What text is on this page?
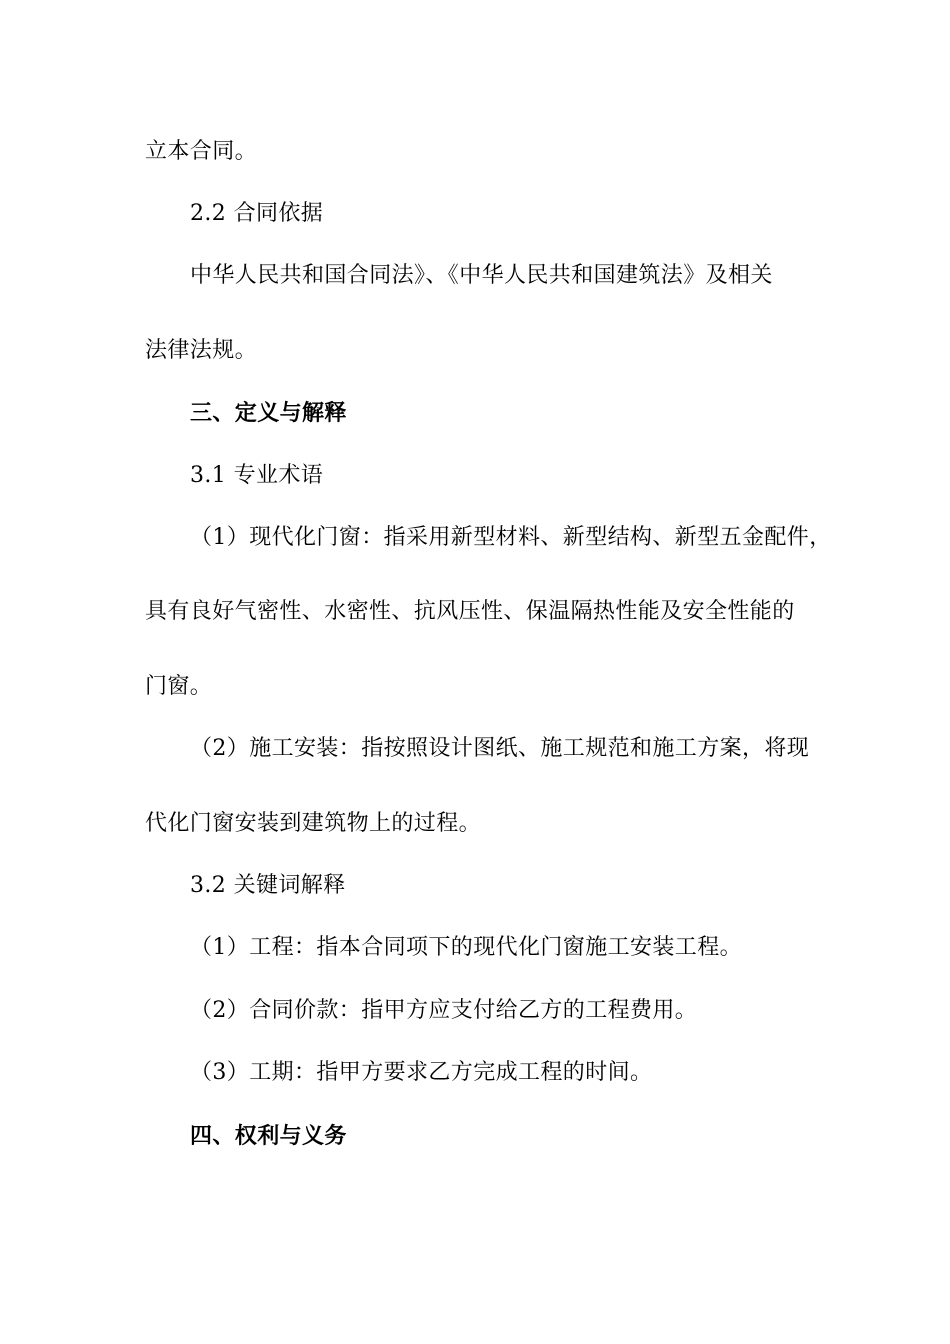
立本合同。
2.2 合同依据
中华人民共和国合同法》、《中华人民共和国建筑法》及相关
法律法规。
三、定义与解释
3.1 专业术语
（1）现代化门窗：指采用新型材料、新型结构、新型五金配件，
具有良好气密性、水密性、抗风压性、保温隔热性能及安全性能的
门窗。
（2）施工安装：指按照设计图纸、施工规范和施工方案，将现
代化门窗安装到建筑物上的过程。
3.2 关键词解释
（1）工程：指本合同项下的现代化门窗施工安装工程。
（2）合同价款：指甲方应支付给乙方的工程费用。
（3）工期：指甲方要求乙方完成工程的时间。
四、权利与义务
